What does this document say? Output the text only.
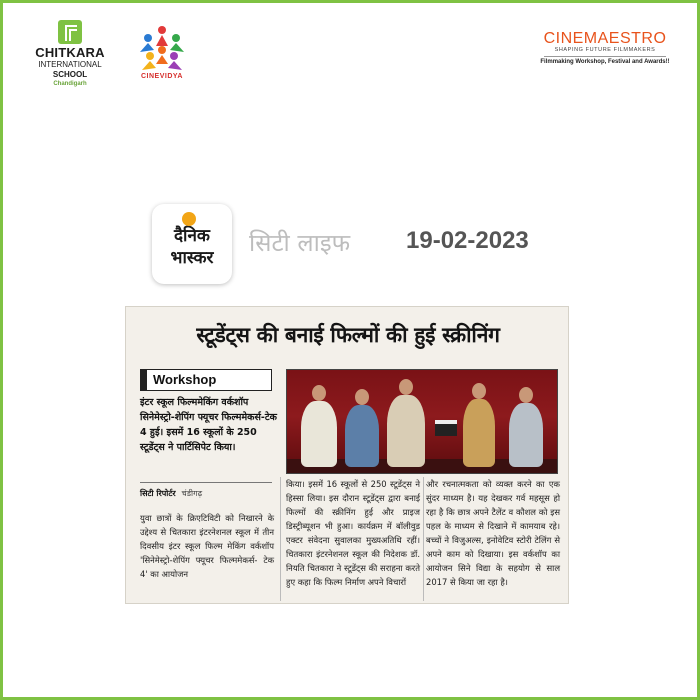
CHITKARA
INTERNATIONAL
SCHOOL
Chandigarh
CINEVIDYA
CINEMAESTRO
SHAPING FUTURE FILMMAKERS
Filmmaking Workshop, Festival and Awards!!
दैनिक
भास्कर
सिटी लाइफ 19-02-2023
स्टूडेंट्स की बनाई फिल्मों की हुई स्क्रीनिंग
Workshop
इंटर स्कूल फिल्ममेकिंग वर्कशॉप सिनेमेस्ट्रो-शेपिंग फ्यूचर फिल्ममेकर्स-टेक 4 हुई। इसमें 16 स्कूलों के 250 स्टूडेंट्स ने पार्टिसिपेट किया।
सिटी रिपोर्टर चंडीगढ़
युवा छात्रों के क्रिएटिविटी को निखारने के उद्देश्य से चितकारा इंटरनेशनल स्कूल में तीन दिवसीय इंटर स्कूल फिल्म मेकिंग वर्कशॉप 'सिनेमेस्ट्रो-शेपिंग फ्यूचर फिल्ममेकर्स- टेक 4' का आयोजन
किया। इसमें 16 स्कूलों से 250 स्टूडेंट्स ने हिस्सा लिया। इस दौरान स्टूडेंट्स द्वारा बनाई फिल्मों की स्क्रीनिंग हुई और प्राइज डिस्ट्रीब्यूशन भी हुआ। कार्यक्रम में बॉलीवुड एक्टर संवेदना सुवालका मुख्यअतिथि रहीं। चितकारा इंटरनेशनल स्कूल की निदेशक डॉ. नियति चितकारा ने स्टूडेंट्स की सराहना करते हुए कहा कि फिल्म निर्माण अपने विचारों
और रचनात्मकता को व्यक्त करने का एक सुंदर माध्यम है। यह देखकर गर्व महसूस हो रहा है कि छात्र अपने टैलेंट व कौशल को इस पहल के माध्यम से दिखाने में कामयाब रहे। बच्चों ने विजुअल्स, इनोवेटिव स्टोरी टेलिंग से अपने काम को दिखाया। इस वर्कशॉप का आयोजन सिने विद्या के सहयोग से साल 2017 से किया जा रहा है।
